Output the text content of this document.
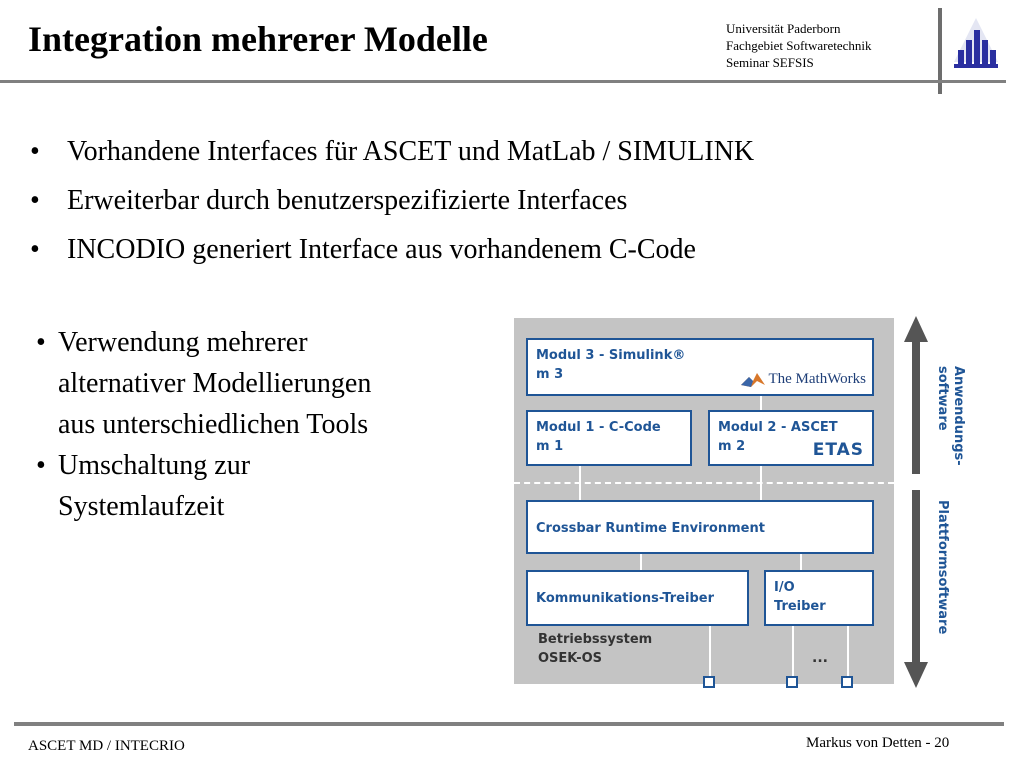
Integration mehrerer Modelle	Universität Paderborn
Fachgebiet Softwaretechnik
Seminar SEFSIS
• Vorhandene Interfaces für ASCET und MatLab / SIMULINK
• Erweiterbar durch benutzerspezifizierte Interfaces
• INCODIO generiert Interface aus vorhandenem C-Code
• Verwendung mehrerer
alternativer Modellierungen
aus unterschiedlichen Tools
• Umschaltung zur
Systemlaufzeit
Modul 3 - Simulink®
m 3	The MathWorks
Modul 1 - C-Code
m 1
Modul 2 - ASCET
m 2	ETAS
Crossbar Runtime Environment
Kommunikations-Treiber
I/O
Treiber
Betriebssystem
OSEK-OS	...
Anwendungs-
software
Plattformsoftware
ASCET MD / INTECRIO	Markus von Detten - 20
